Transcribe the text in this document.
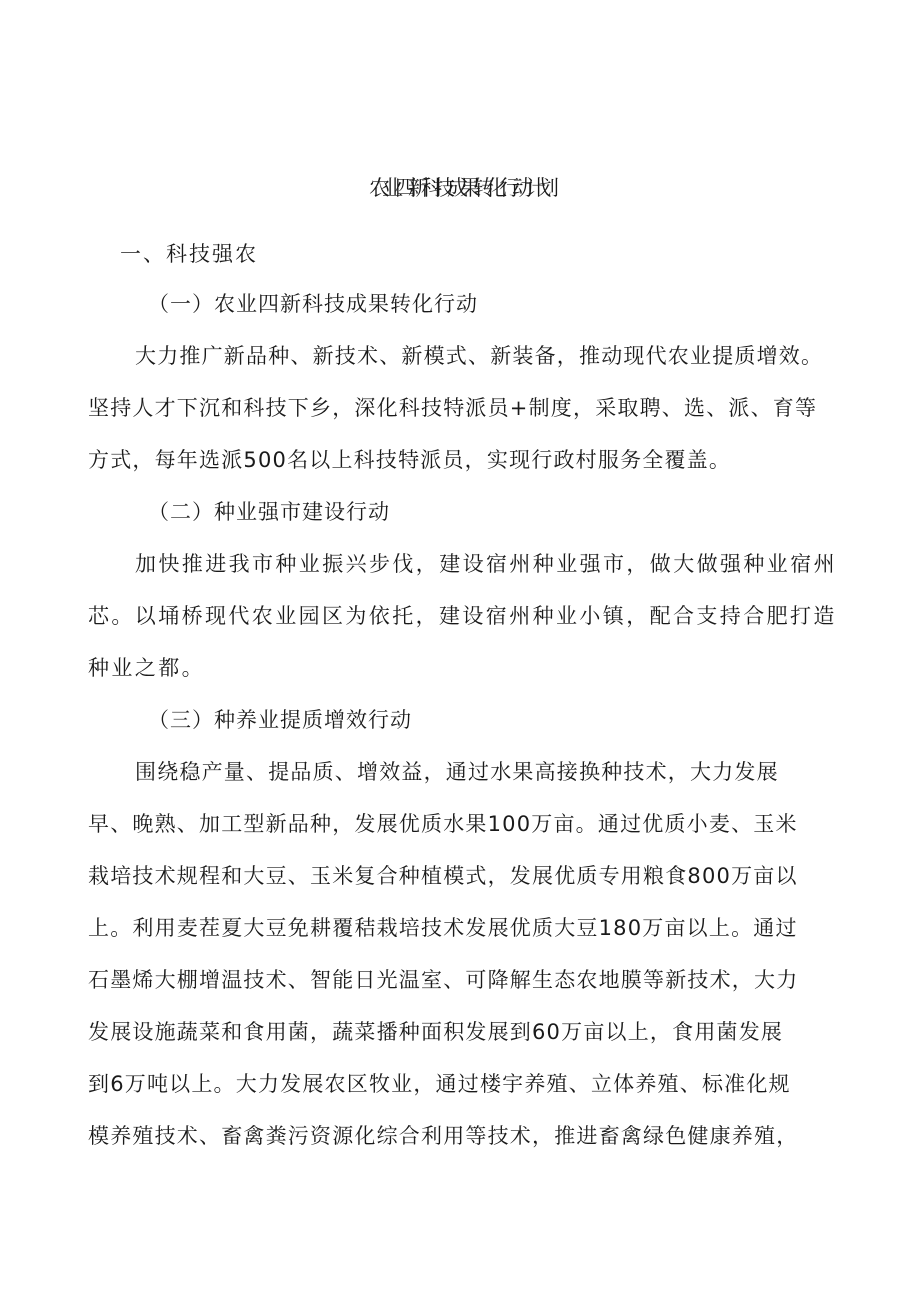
农业四新科技成果转化行动计划
一、科技强农
（一）农业四新科技成果转化行动
大力推广新品种、新技术、新模式、新装备，推动现代农业提质增效。
坚持人才下沉和科技下乡，深化科技特派员+制度，采取聘、选、派、育等
方式，每年选派500名以上科技特派员，实现行政村服务全覆盖。
（二）种业强市建设行动
加快推进我市种业振兴步伐，建设宿州种业强市，做大做强种业宿州
芯。以埇桥现代农业园区为依托，建设宿州种业小镇，配合支持合肥打造
种业之都。
（三）种养业提质增效行动
围绕稳产量、提品质、增效益，通过水果高接换种技术，大力发展
早、晚熟、加工型新品种，发展优质水果100万亩。通过优质小麦、玉米
栽培技术规程和大豆、玉米复合种植模式，发展优质专用粮食800万亩以
上。利用麦茬夏大豆免耕覆秸栽培技术发展优质大豆180万亩以上。通过
石墨烯大棚增温技术、智能日光温室、可降解生态农地膜等新技术，大力
发展设施蔬菜和食用菌，蔬菜播种面积发展到60万亩以上，食用菌发展
到6万吨以上。大力发展农区牧业，通过楼宇养殖、立体养殖、标准化规
模养殖技术、畜禽粪污资源化综合利用等技术，推进畜禽绿色健康养殖，
